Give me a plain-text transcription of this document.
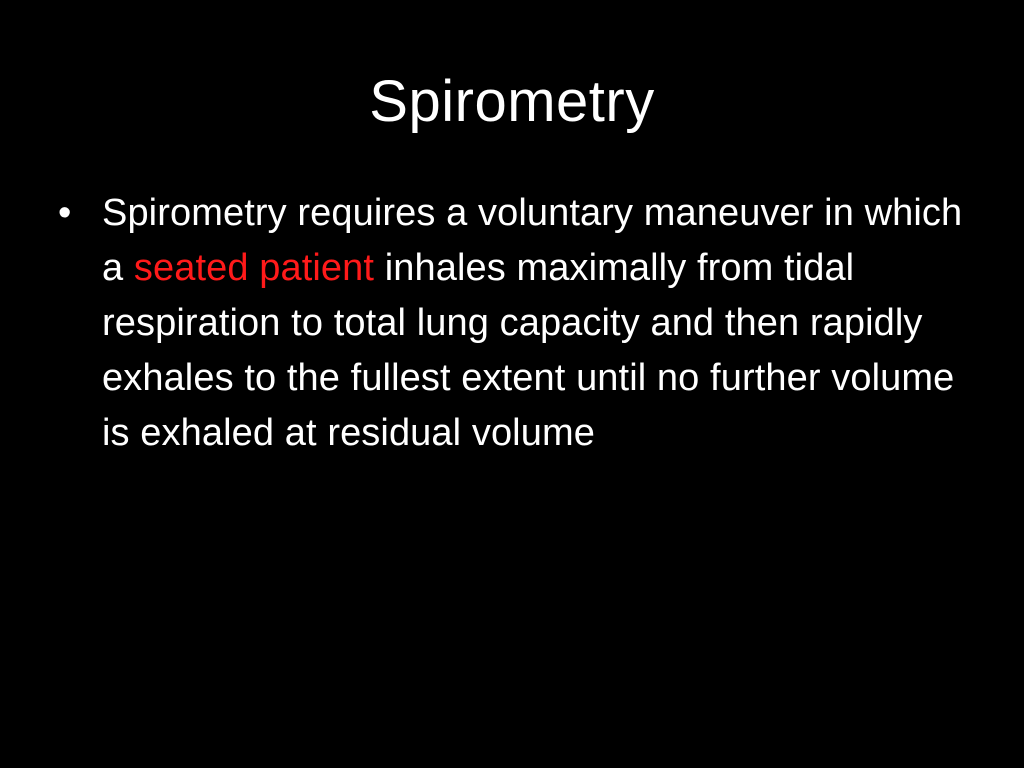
Spirometry
• Spirometry requires a voluntary maneuver in which a seated patient inhales maximally from tidal respiration to total lung capacity and then rapidly exhales to the fullest extent until no further volume is exhaled at residual volume
